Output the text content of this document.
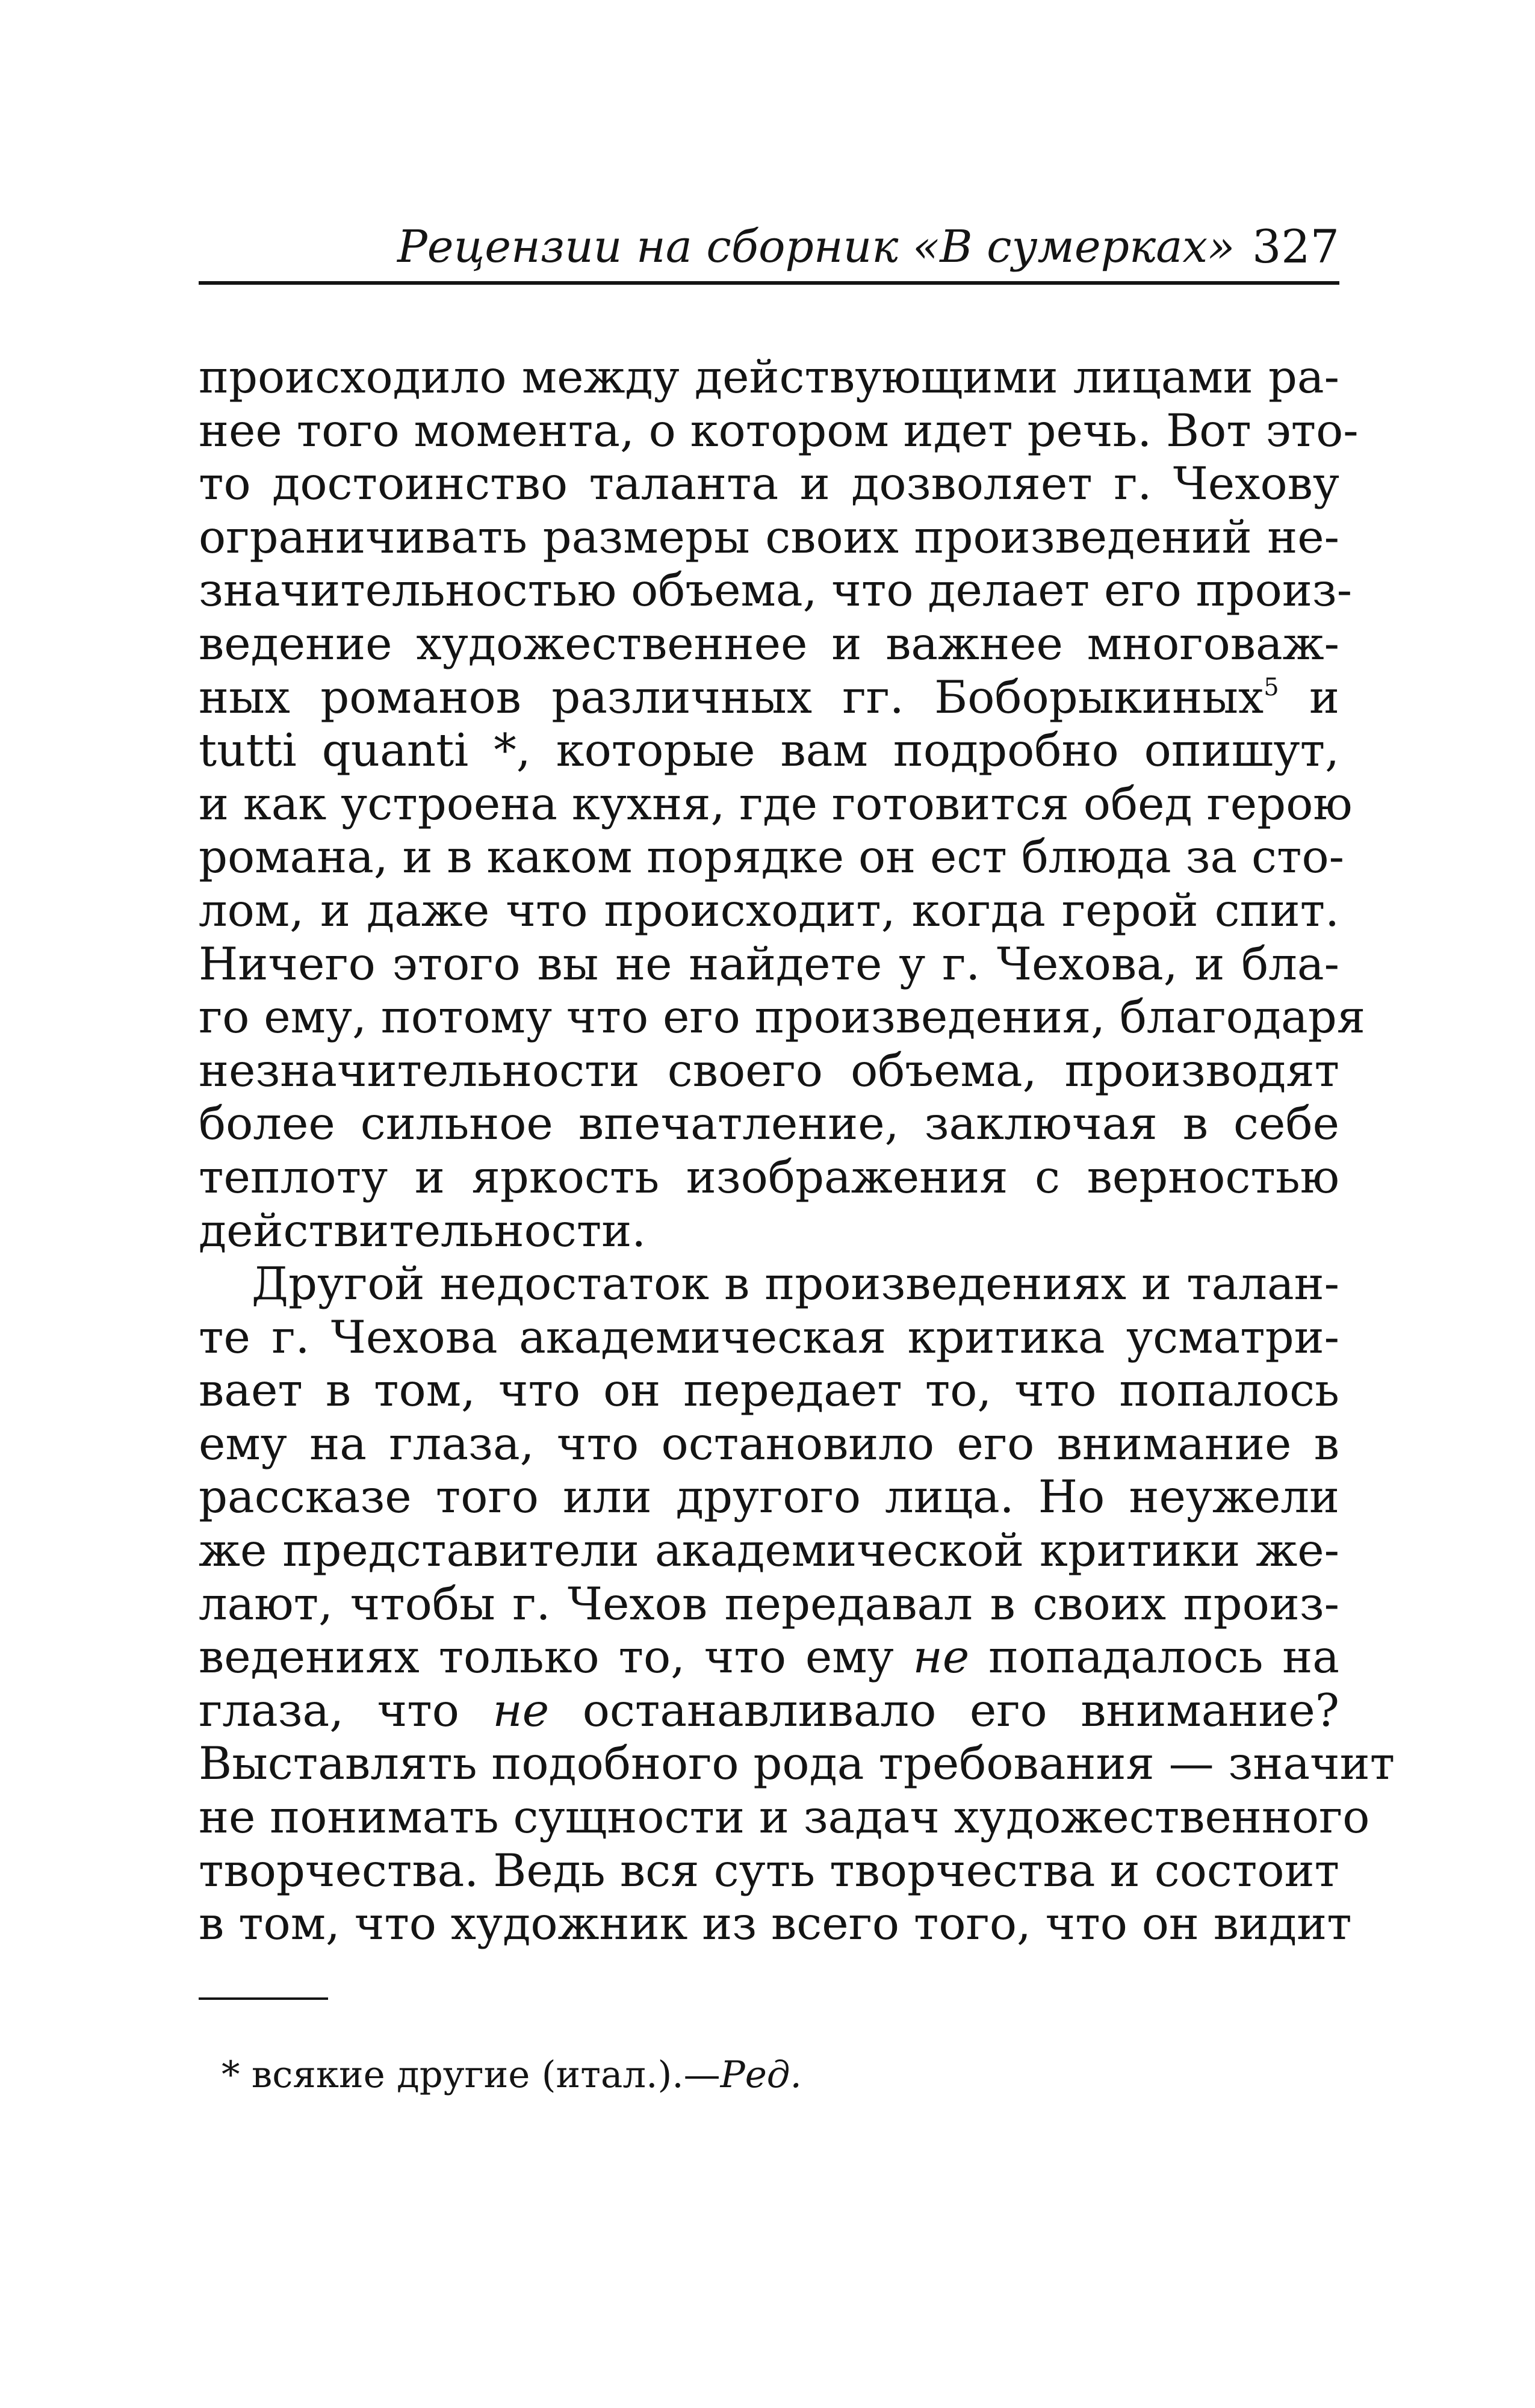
Рецензии на сборник «В сумерках» 327
происходило между действующими лицами ра-
нее того момента, о котором идет речь. Вот это-
то достоинство таланта и дозволяет г. Чехову
ограничивать размеры своих произведений не-
значительностью объема, что делает его произ-
ведение художественнее и важнее многоваж-
ных романов различных гг. Боборыкиных$^5$ и
tutti quanti *, которые вам подробно опишут,
и как устроена кухня, где готовится обед герою
романа, и в каком порядке он ест блюда за сто-
лом, и даже что происходит, когда герой спит.
Ничего этого вы не найдете у г. Чехова, и бла-
го ему, потому что его произведения, благодаря
незначительности своего объема, производят
более сильное впечатление, заключая в себе
теплоту и яркость изображения с верностью
действительности.
Другой недостаток в произведениях и талан-
те г. Чехова академическая критика усматри-
вает в том, что он передает то, что попалось
ему на глаза, что остановило его внимание в
рассказе того или другого лица. Но неужели
же представители академической критики же-
лают, чтобы г. Чехов передавал в своих произ-
ведениях только то, что ему не попадалось на
глаза, что не останавливало его внимание?
Выставлять подобного рода требования — значит
не понимать сущности и задач художественного
творчества. Ведь вся суть творчества и состоит
в том, что художник из всего того, что он видит
* всякие другие (итал.).—Ред.
